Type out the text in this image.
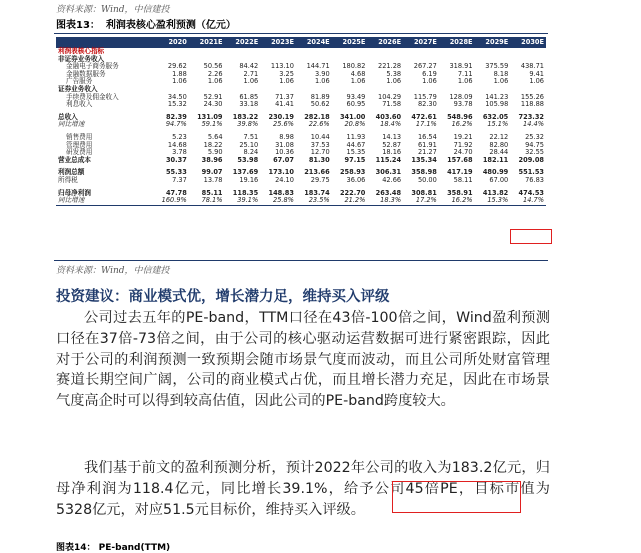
资料来源：Wind，中信建投
图表13： 利润表核心盈利预测（亿元）
	2020	2021E	2022E	2023E	2024E	2025E	2026E	2027E	2028E	2029E	2030E
利润表核心指标											
非证券业务收入											
金融电子商务服务	29.62	50.56	84.42	113.10	144.71	180.82	221.28	267.27	318.91	375.59	438.71
金融数据服务	1.88	2.26	2.71	3.25	3.90	4.68	5.38	6.19	7.11	8.18	9.41
广告服务	1.06	1.06	1.06	1.06	1.06	1.06	1.06	1.06	1.06	1.06	1.06
证券业务收入											
手续费及佣金收入	34.50	52.91	61.85	71.37	81.89	93.49	104.29	115.79	128.09	141.23	155.26
利息收入	15.32	24.30	33.18	41.41	50.62	60.95	71.58	82.30	93.78	105.98	118.88

总收入	82.39	131.09	183.22	230.19	282.18	341.00	403.60	472.61	548.96	632.05	723.32
同比增速	94.7%	59.1%	39.8%	25.6%	22.6%	20.8%	18.4%	17.1%	16.2%	15.1%	14.4%

销售费用	5.23	5.64	7.51	8.98	10.44	11.93	14.13	16.54	19.21	22.12	25.32
管理费用	14.68	18.22	25.10	31.08	37.53	44.67	52.87	61.91	71.92	82.80	94.75
研发费用	3.78	5.90	8.24	10.36	12.70	15.35	18.16	21.27	24.70	28.44	32.55
营业总成本	30.37	38.96	53.98	67.07	81.30	97.15	115.24	135.34	157.68	182.11	209.08

利润总额	55.33	99.07	137.69	173.10	213.66	258.93	306.31	358.98	417.19	480.99	551.53
所得税	7.37	13.78	19.16	24.10	29.75	36.06	42.66	50.00	58.11	67.00	76.83

归母净利润	47.78	85.11	118.35	148.83	183.74	222.70	263.48	308.81	358.91	413.82	474.53
同比增速	160.9%	78.1%	39.1%	25.8%	23.5%	21.2%	18.3%	17.2%	16.2%	15.3%	14.7%
资料来源：Wind，中信建投
投资建议：商业模式优，增长潜力足，维持买入评级

公司过去五年的PE-band，TTM口径在43倍-100倍之间，Wind盈利预测口径在37倍-73倍之间，由于公司的核心驱动运营数据可进行紧密跟踪，因此对于公司的利润预测一致预期会随市场景气度而波动，而且公司所处财富管理赛道长期空间广阔，公司的商业模式占优，而且增长潜力充足，因此在市场景气度高企时可以得到较高估值，因此公司的PE-band跨度较大。

我们基于前文的盈利预测分析，预计2022年公司的收入为183.2亿元，归母净利润为118.4亿元，同比增长39.1%，给予公司45倍PE，目标市值为5328亿元，对应51.5元目标价，维持买入评级。

图表14： PE-band(TTM)
